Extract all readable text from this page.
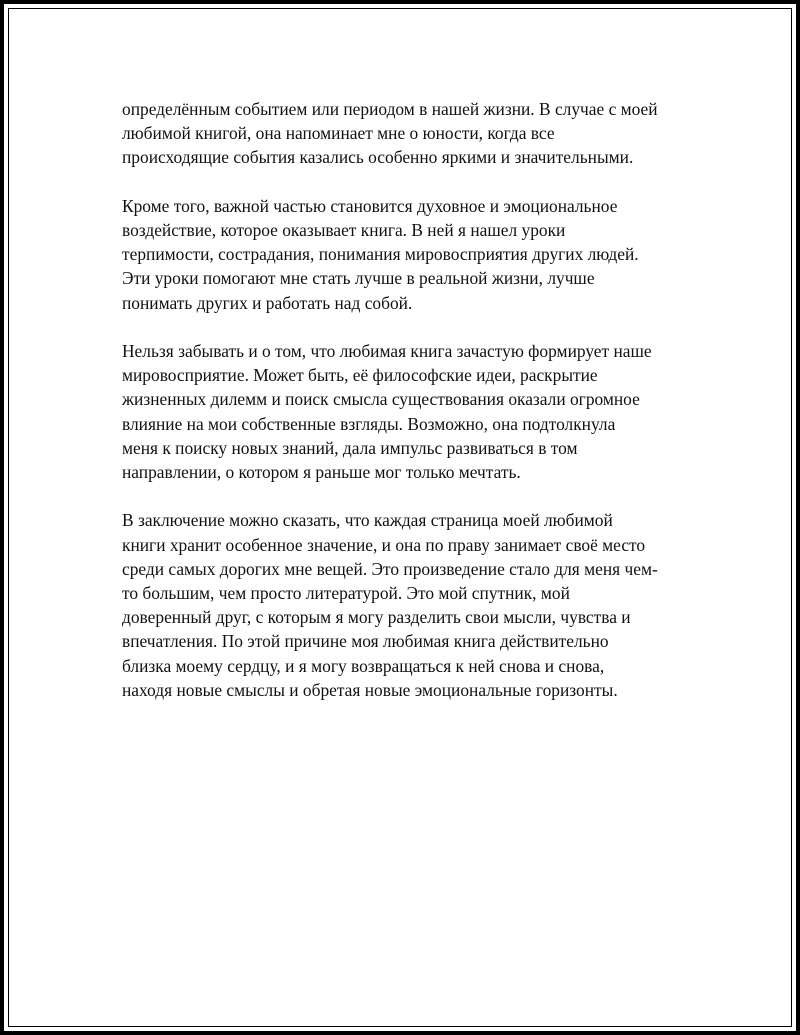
определённым событием или периодом в нашей жизни. В случае с моей
любимой книгой, она напоминает мне о юности, когда все
происходящие события казались особенно яркими и значительными.

Кроме того, важной частью становится духовное и эмоциональное
воздействие, которое оказывает книга. В ней я нашел уроки
терпимости, сострадания, понимания мировосприятия других людей.
Эти уроки помогают мне стать лучше в реальной жизни, лучше
понимать других и работать над собой.

Нельзя забывать и о том, что любимая книга зачастую формирует наше
мировосприятие. Может быть, её философские идеи, раскрытие
жизненных дилемм и поиск смысла существования оказали огромное
влияние на мои собственные взгляды. Возможно, она подтолкнула
меня к поиску новых знаний, дала импульс развиваться в том
направлении, о котором я раньше мог только мечтать.

В заключение можно сказать, что каждая страница моей любимой
книги хранит особенное значение, и она по праву занимает своё место
среди самых дорогих мне вещей. Это произведение стало для меня чем-
то большим, чем просто литературой. Это мой спутник, мой
доверенный друг, с которым я могу разделить свои мысли, чувства и
впечатления. По этой причине моя любимая книга действительно
близка моему сердцу, и я могу возвращаться к ней снова и снова,
находя новые смыслы и обретая новые эмоциональные горизонты.
